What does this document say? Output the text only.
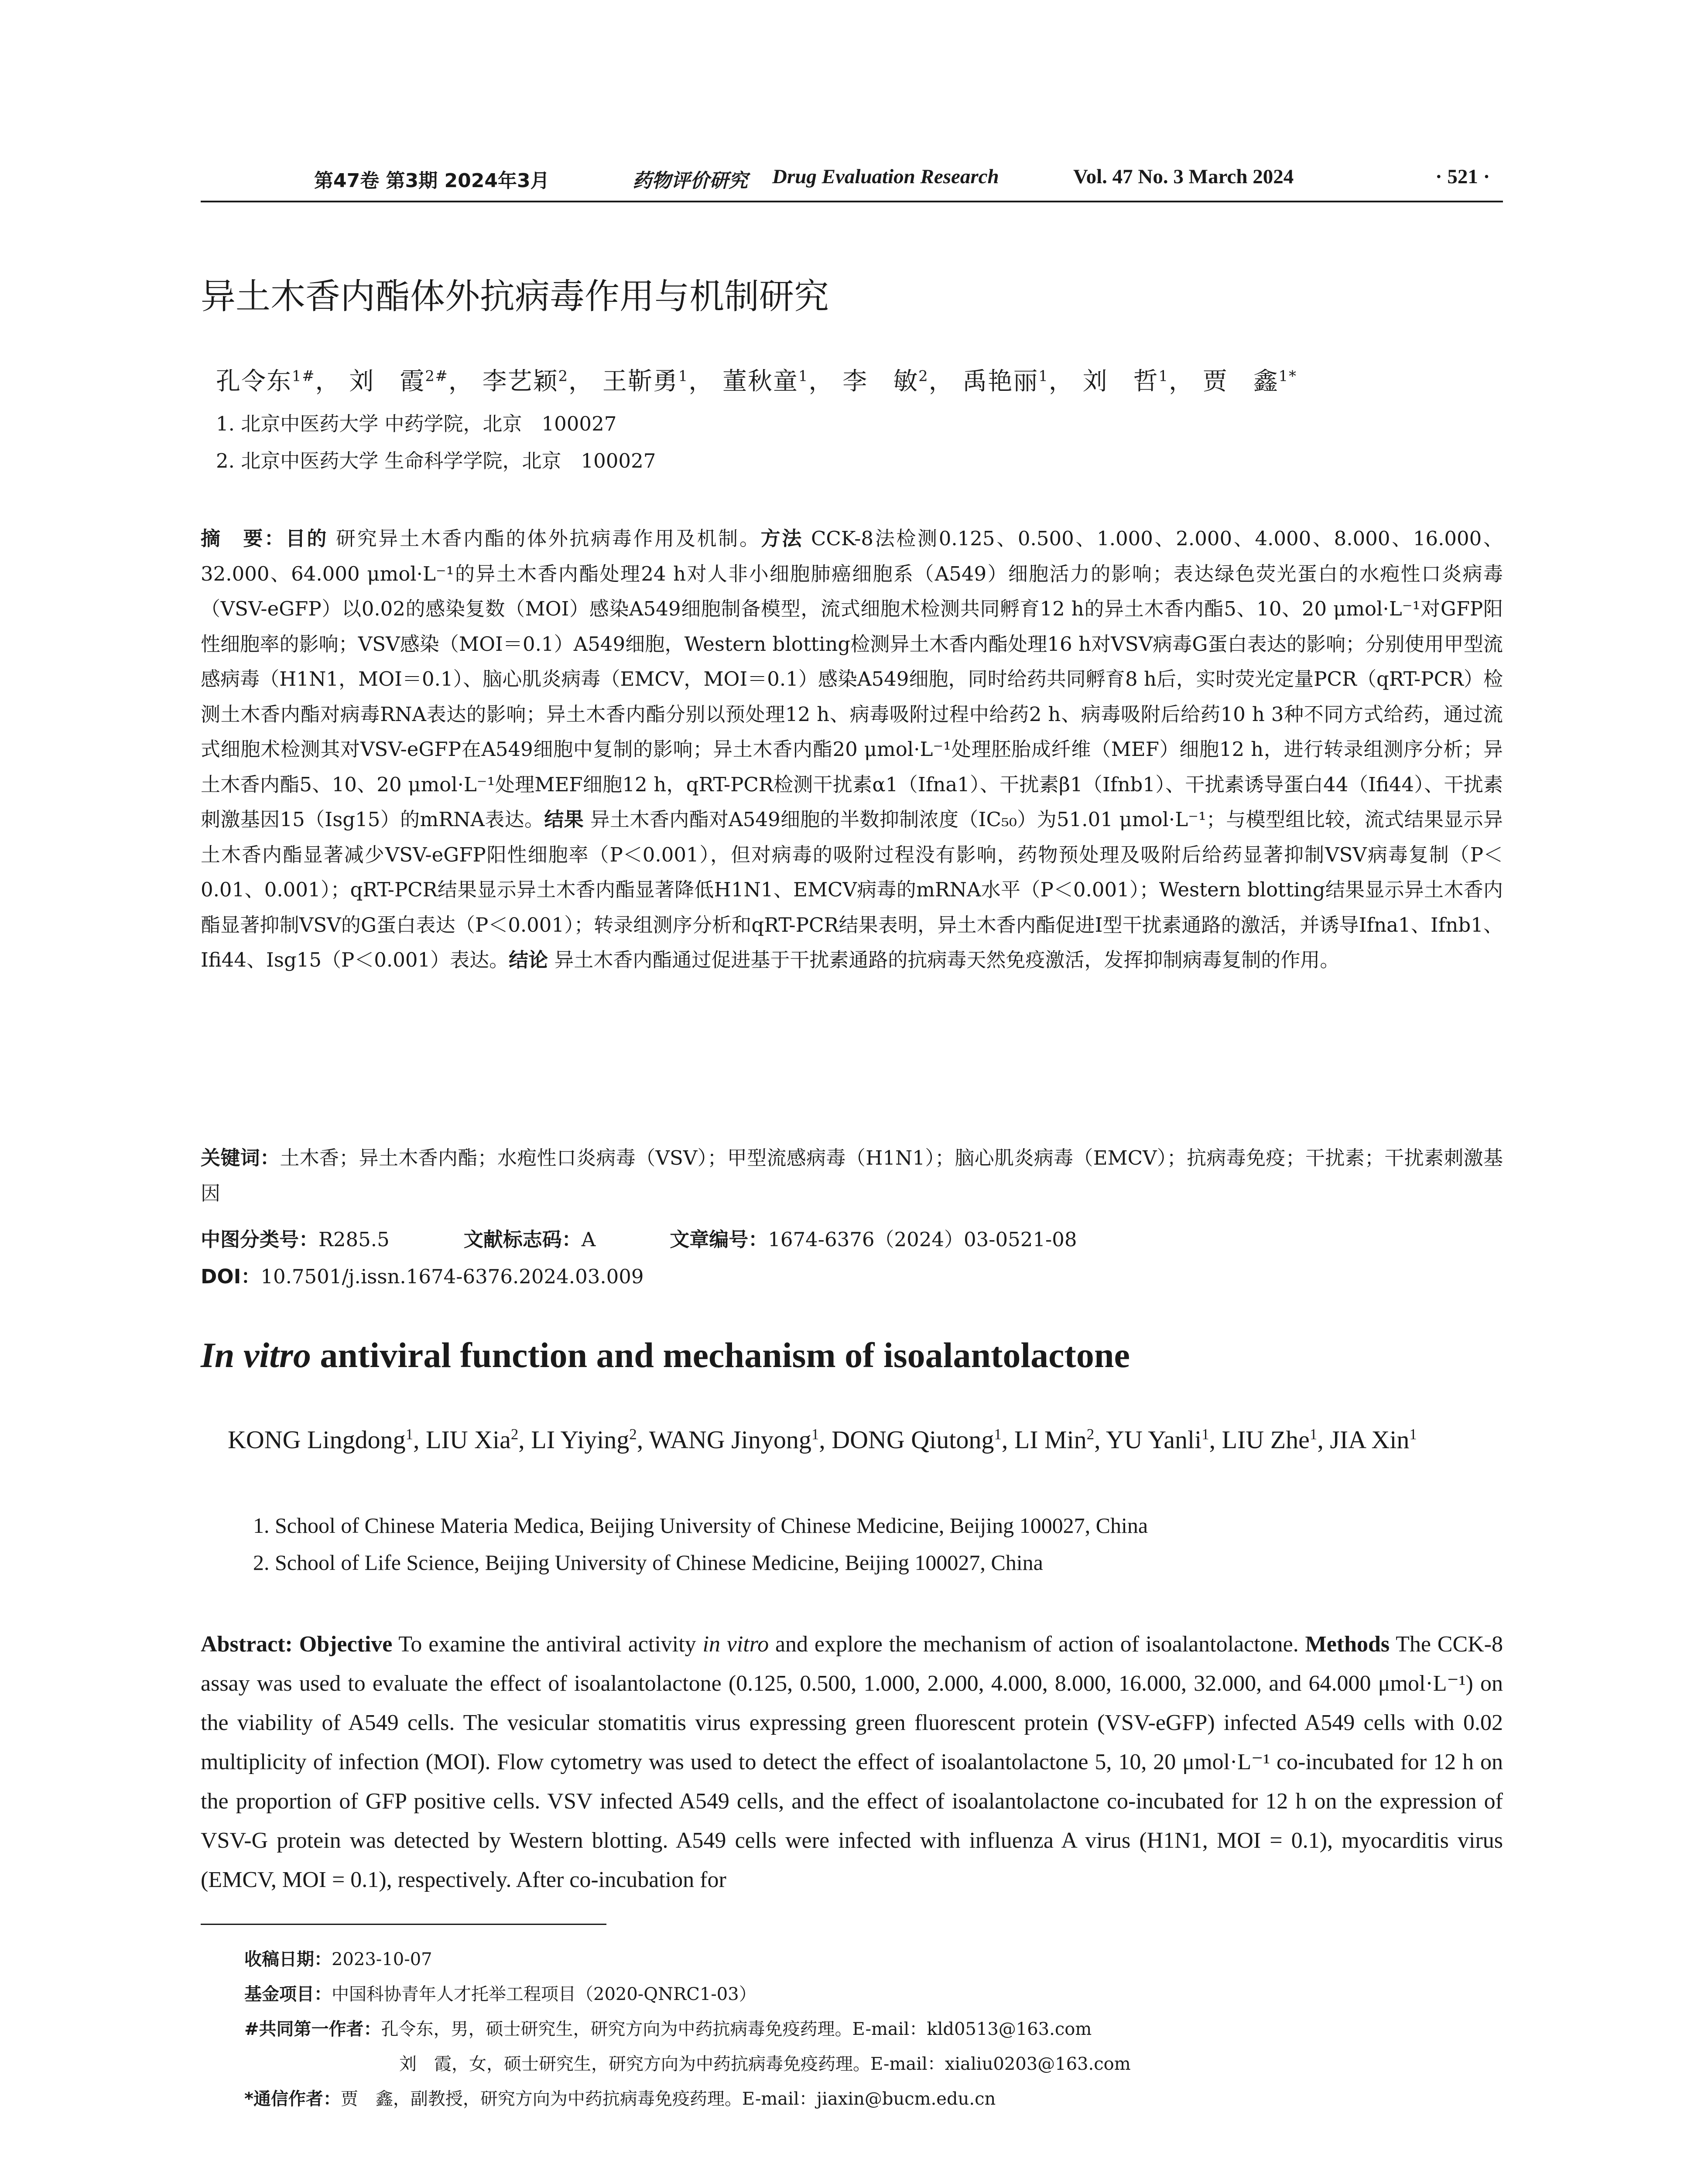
第47卷 第3期 2024年3月	药物评价研究 Drug Evaluation Research	Vol. 47 No. 3 March 2024	· 521 ·
异土木香内酯体外抗病毒作用与机制研究

孔令东$^{1\#}$， 刘　霞$^{2\#}$， 李艺颖$^2$， 王靳勇$^1$， 董秋童$^1$， 李　敏$^2$， 禹艳丽$^1$， 刘　哲$^1$， 贾　鑫$^{1*}$

1. 北京中医药大学 中药学院，北京　100027

2. 北京中医药大学 生命科学学院，北京　100027

摘　要：目的 研究异土木香内酯的体外抗病毒作用及机制。方法 CCK-8法检测0.125、0.500、1.000、2.000、4.000、8.000、16.000、32.000、64.000 μmol·L⁻¹的异土木香内酯处理24 h对人非小细胞肺癌细胞系（A549）细胞活力的影响；表达绿色荧光蛋白的水疱性口炎病毒（VSV-eGFP）以0.02的感染复数（MOI）感染A549细胞制备模型，流式细胞术检测共同孵育12 h的异土木香内酯5、10、20 μmol·L⁻¹对GFP阳性细胞率的影响；VSV感染（MOI＝0.1）A549细胞，Western blotting检测异土木香内酯处理16 h对VSV病毒G蛋白表达的影响；分别使用甲型流感病毒（H1N1，MOI＝0.1）、脑心肌炎病毒（EMCV，MOI＝0.1）感染A549细胞，同时给药共同孵育8 h后，实时荧光定量PCR（qRT-PCR）检测土木香内酯对病毒RNA表达的影响；异土木香内酯分别以预处理12 h、病毒吸附过程中给药2 h、病毒吸附后给药10 h 3种不同方式给药，通过流式细胞术检测其对VSV-eGFP在A549细胞中复制的影响；异土木香内酯20 μmol·L⁻¹处理胚胎成纤维（MEF）细胞12 h，进行转录组测序分析；异土木香内酯5、10、20 μmol·L⁻¹处理MEF细胞12 h，qRT-PCR检测干扰素α1（Ifna1）、干扰素β1（Ifnb1）、干扰素诱导蛋白44（Ifi44）、干扰素刺激基因15（Isg15）的mRNA表达。结果 异土木香内酯对A549细胞的半数抑制浓度（IC₅₀）为51.01 μmol·L⁻¹；与模型组比较，流式结果显示异土木香内酯显著减少VSV-eGFP阳性细胞率（P＜0.001），但对病毒的吸附过程没有影响，药物预处理及吸附后给药显著抑制VSV病毒复制（P＜0.01、0.001）；qRT-PCR结果显示异土木香内酯显著降低H1N1、EMCV病毒的mRNA水平（P＜0.001）；Western blotting结果显示异土木香内酯显著抑制VSV的G蛋白表达（P＜0.001）；转录组测序分析和qRT-PCR结果表明，异土木香内酯促进I型干扰素通路的激活，并诱导Ifna1、Ifnb1、Ifi44、Isg15（P＜0.001）表达。结论 异土木香内酯通过促进基于干扰素通路的抗病毒天然免疫激活，发挥抑制病毒复制的作用。

关键词：土木香；异土木香内酯；水疱性口炎病毒（VSV）；甲型流感病毒（H1N1）；脑心肌炎病毒（EMCV）；抗病毒免疫；干扰素；干扰素刺激基因

中图分类号：R285.5	文献标志码：A	文章编号：1674-6376（2024）03-0521-08

DOI：10.7501/j.issn.1674-6376.2024.03.009

In vitro antiviral function and mechanism of isoalantolactone

KONG Lingdong$^1$, LIU Xia$^2$, LI Yiying$^2$, WANG Jinyong$^1$, DONG Qiutong$^1$, LI Min$^2$, YU Yanli$^1$, LIU Zhe$^1$, JIA Xin$^1$

1. School of Chinese Materia Medica, Beijing University of Chinese Medicine, Beijing 100027, China

2. School of Life Science, Beijing University of Chinese Medicine, Beijing 100027, China

Abstract: Objective To examine the antiviral activity in vitro and explore the mechanism of action of isoalantolactone. Methods The CCK-8 assay was used to evaluate the effect of isoalantolactone (0.125, 0.500, 1.000, 2.000, 4.000, 8.000, 16.000, 32.000, and 64.000 μmol·L⁻¹) on the viability of A549 cells. The vesicular stomatitis virus expressing green fluorescent protein (VSV-eGFP) infected A549 cells with 0.02 multiplicity of infection (MOI). Flow cytometry was used to detect the effect of isoalantolactone 5, 10, 20 μmol·L⁻¹ co-incubated for 12 h on the proportion of GFP positive cells. VSV infected A549 cells, and the effect of isoalantolactone co-incubated for 12 h on the expression of VSV-G protein was detected by Western blotting. A549 cells were infected with influenza A virus (H1N1, MOI = 0.1), myocarditis virus (EMCV, MOI = 0.1), respectively. After co-incubation for

收稿日期：2023-10-07

基金项目：中国科协青年人才托举工程项目（2020-QNRC1-03）

#共同第一作者：孔令东，男，硕士研究生，研究方向为中药抗病毒免疫药理。E-mail：kld0513@163.com

刘　霞，女，硕士研究生，研究方向为中药抗病毒免疫药理。E-mail：xialiu0203@163.com

*通信作者：贾　鑫，副教授，研究方向为中药抗病毒免疫药理。E-mail：jiaxin@bucm.edu.cn
